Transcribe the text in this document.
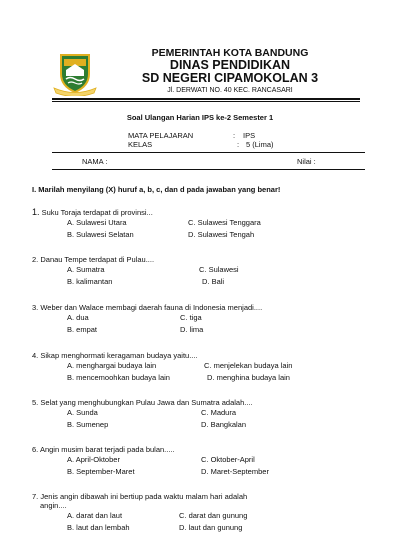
PEMERINTAH KOTA BANDUNG
DINAS PENDIDIKAN
SD NEGERI CIPAMOKOLAN 3
Jl. DERWATI NO. 40 KEC. RANCASARI
Soal Ulangan Harian IPS ke-2 Semester 1
MATA PELAJARAN	: IPS
KELAS	: 5 (Lima)
NAMA :	Nilai :
I. Marilah menyilang (X) huruf a, b, c, dan d pada jawaban yang benar!
1. Suku Toraja terdapat di provinsi...
A. Sulawesi Utara	C. Sulawesi Tenggara
B. Sulawesi Selatan	D. Sulawesi Tengah
2. Danau Tempe terdapat di Pulau....
A. Sumatra	C. Sulawesi
B. kalimantan	D. Bali
3. Weber dan Walace membagi daerah fauna di Indonesia menjadi....
A. dua	C. tiga
B. empat	D. lima
4. Sikap menghormati keragaman budaya yaitu....
A. menghargai budaya lain	C. menjelekan budaya lain
B. mencemoohkan budaya lain	D. menghina budaya lain
5. Selat yang menghubungkan Pulau Jawa dan Sumatra adalah....
A. Sunda	C. Madura
B. Sumenep	D. Bangkalan
6. Angin musim barat terjadi pada bulan.....
A. April-Oktober	C. Oktober-April
B. September-Maret	D. Maret-September
7. Jenis angin dibawah ini bertiup pada waktu malam hari adalah
angin....
A. darat dan laut	C. darat dan gunung
B. laut dan lembah	D. laut dan gunung
